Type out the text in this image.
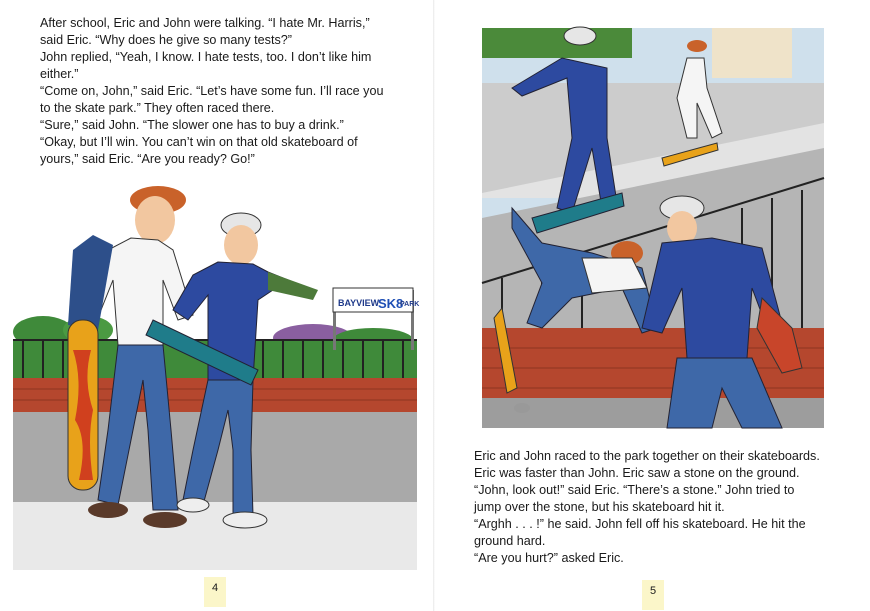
After school, Eric and John were talking. “I hate Mr. Harris,”
said Eric. “Why does he give so many tests?”
John replied, “Yeah, I know. I hate tests, too. I don’t like him
either.”
“Come on, John,” said Eric. “Let’s have some fun. I’ll race you
to the skate park.” They often raced there.
“Sure,” said John. “The slower one has to buy a drink.”
“Okay, but I’ll win. You can’t win on that old skateboard of
yours,” said Eric. “Are you ready? Go!”
BAYVIEW
SK8
PARK
4	5
Eric and John raced to the park together on their skateboards.
Eric was faster than John. Eric saw a stone on the ground.
“John, look out!” said Eric. “There’s a stone.” John tried to
jump over the stone, but his skateboard hit it.
“Arghh . . . !” he said. John fell off his skateboard. He hit the
ground hard.
“Are you hurt?” asked Eric.
